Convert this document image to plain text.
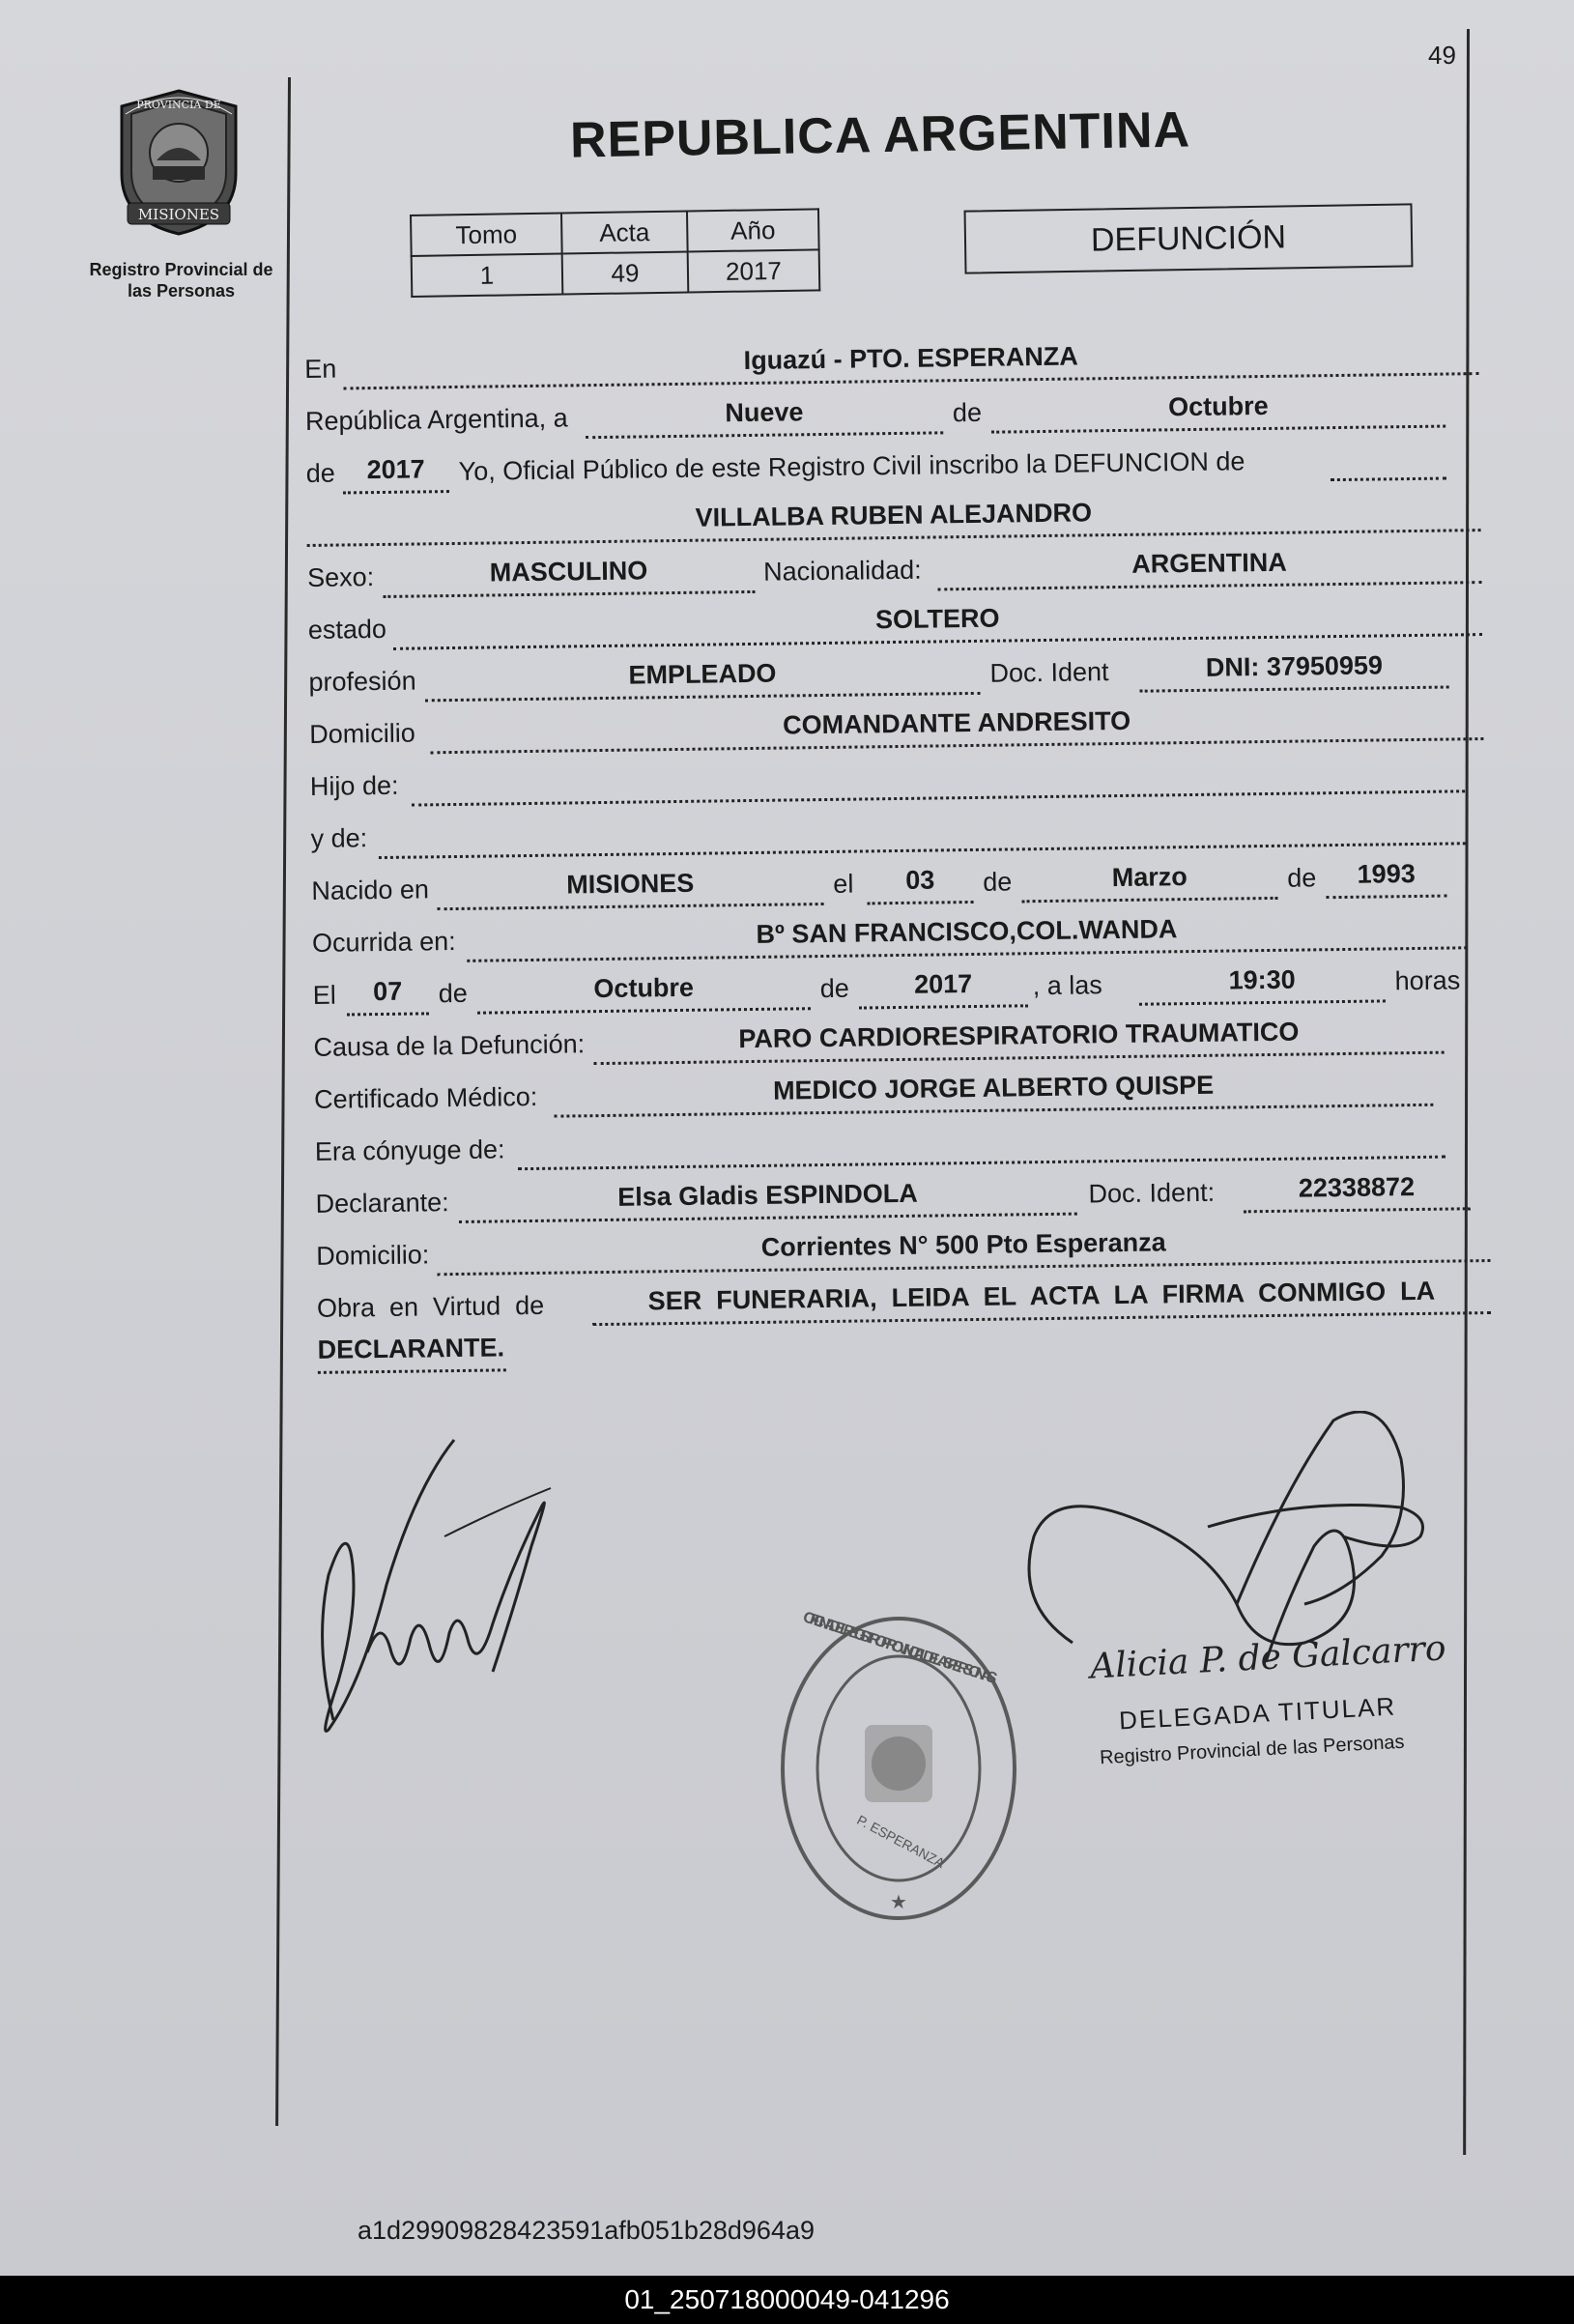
49
PROVINCIA DE
MISIONES
Registro Provincial de
las Personas
REPUBLICA ARGENTINA
Tomo	Acta	Año
1	49	2017
DEFUNCIÓN
En	Iguazú - PTO. ESPERANZA
República Argentina, a	Nueve	de	Octubre
de	2017	Yo, Oficial Público de este Registro Civil inscribo la DEFUNCION de
VILLALBA RUBEN ALEJANDRO
Sexo:	MASCULINO	Nacionalidad:	ARGENTINA
estado	SOLTERO
profesión	EMPLEADO	Doc. Ident	DNI: 37950959
Domicilio	COMANDANTE ANDRESITO
Hijo de:
y de:
Nacido en	MISIONES	el	03	de	Marzo	de	1993
Ocurrida en:	Bº SAN FRANCISCO,COL.WANDA
El	07	de	Octubre	de	2017	, a las	19:30	horas
Causa de la Defunción:	PARO CARDIORESPIRATORIO TRAUMATICO
Certificado Médico:	MEDICO JORGE ALBERTO QUISPE
Era cónyuge de:
Declarante:	Elsa Gladis ESPINDOLA	Doc. Ident:	22338872
Domicilio:	Corrientes N° 500 Pto Esperanza
Obra  en  Virtud  de	SER  FUNERARIA,  LEIDA  EL  ACTA  LA  FIRMA  CONMIGO  LA
DECLARANTE.
OFICINA DEL REGISTRO PROVINCIAL DE LAS PERSONAS
P. ESPERANZA
★
Alicia P. de Galcarro
DELEGADA TITULAR
Registro Provincial de las Personas
a1d29909828423591afb051b28d964a9
01_250718000049-041296
